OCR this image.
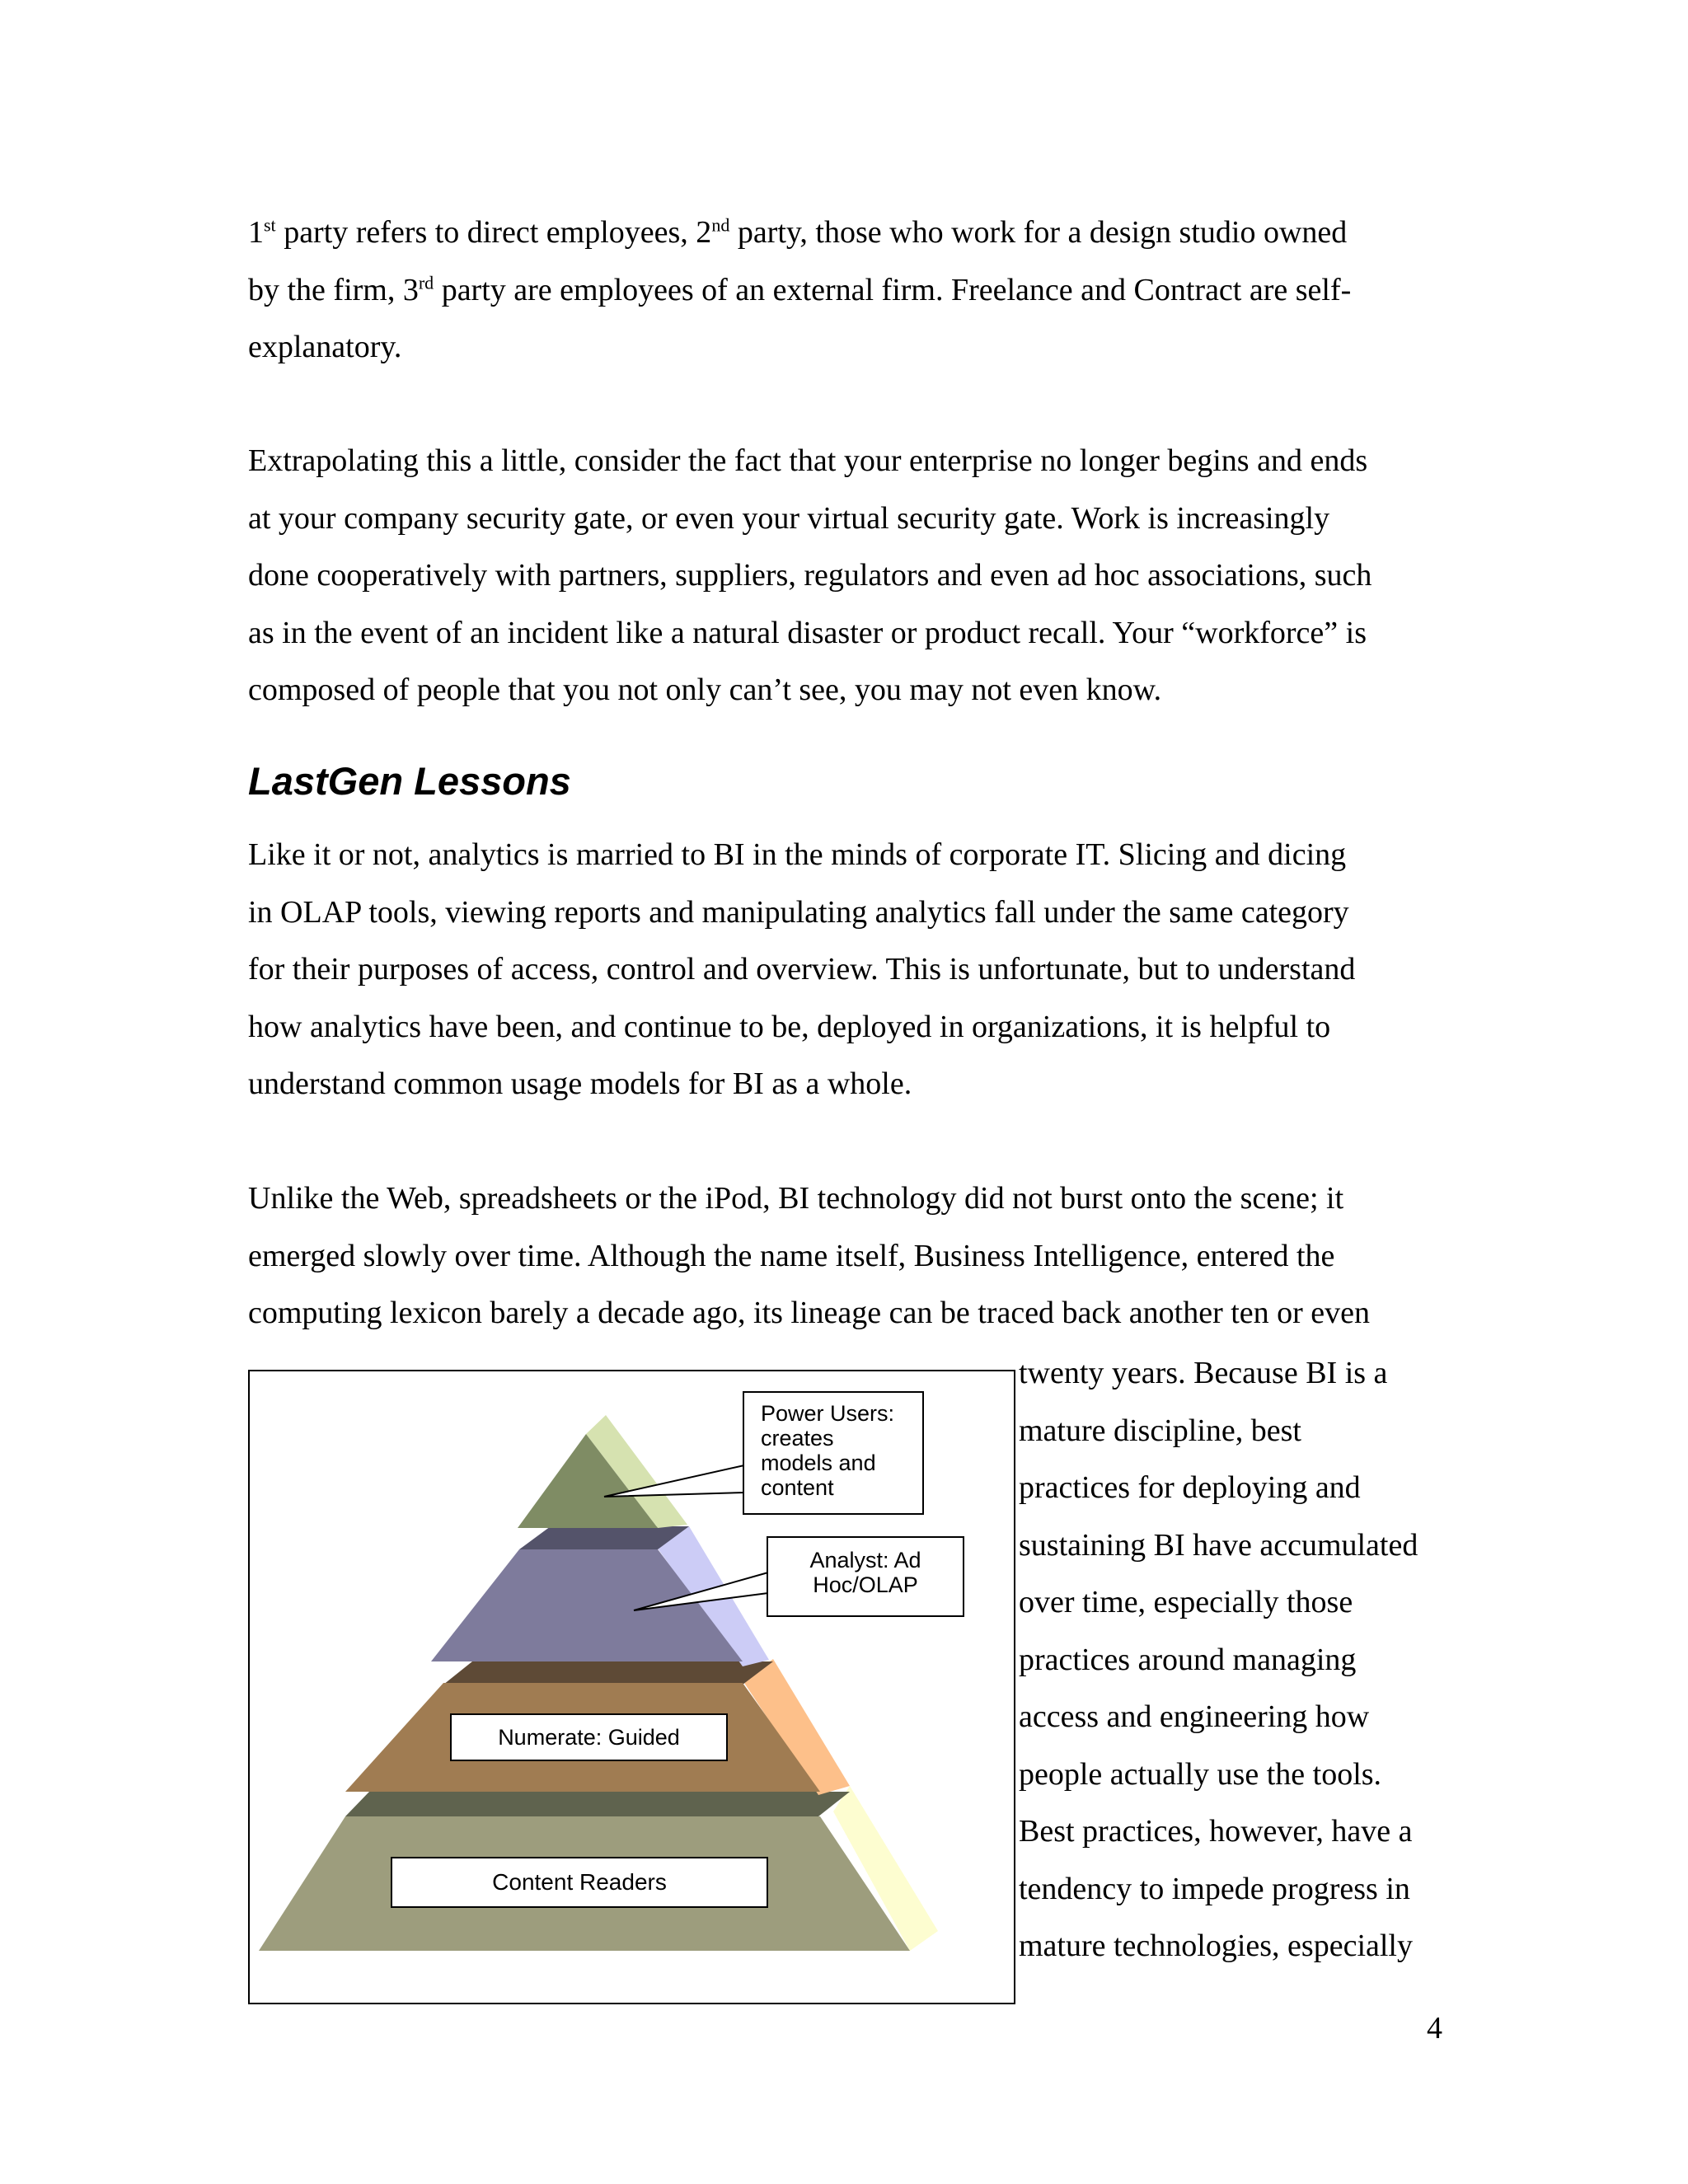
1st party refers to direct employees, 2nd party, those who work for a design studio owned
by the firm, 3rd party are employees of an external firm. Freelance and Contract are self-
explanatory.

Extrapolating this a little, consider the fact that your enterprise no longer begins and ends
at your company security gate, or even your virtual security gate. Work is increasingly
done cooperatively with partners, suppliers, regulators and even ad hoc associations, such
as in the event of an incident like a natural disaster or product recall. Your “workforce” is
composed of people that you not only can’t see, you may not even know.

LastGen Lessons

Like it or not, analytics is married to BI in the minds of corporate IT. Slicing and dicing
in OLAP tools, viewing reports and manipulating analytics fall under the same category
for their purposes of access, control and overview. This is unfortunate, but to understand
how analytics have been, and continue to be, deployed in organizations, it is helpful to
understand common usage models for BI as a whole.

Unlike the Web, spreadsheets or the iPod, BI technology did not burst onto the scene; it
emerged slowly over time. Although the name itself, Business Intelligence, entered the
computing lexicon barely a decade ago, its lineage can be traced back another ten or even

twenty years. Because BI is a
mature discipline, best
practices for deploying and
sustaining BI have accumulated
over time, especially those
practices around managing
access and engineering how
people actually use the tools.
Best practices, however, have a
tendency to impede progress in
mature technologies, especially
Power Users:
creates
models and
content
Analyst: Ad
Hoc/OLAP
Numerate: Guided
Content Readers
4
